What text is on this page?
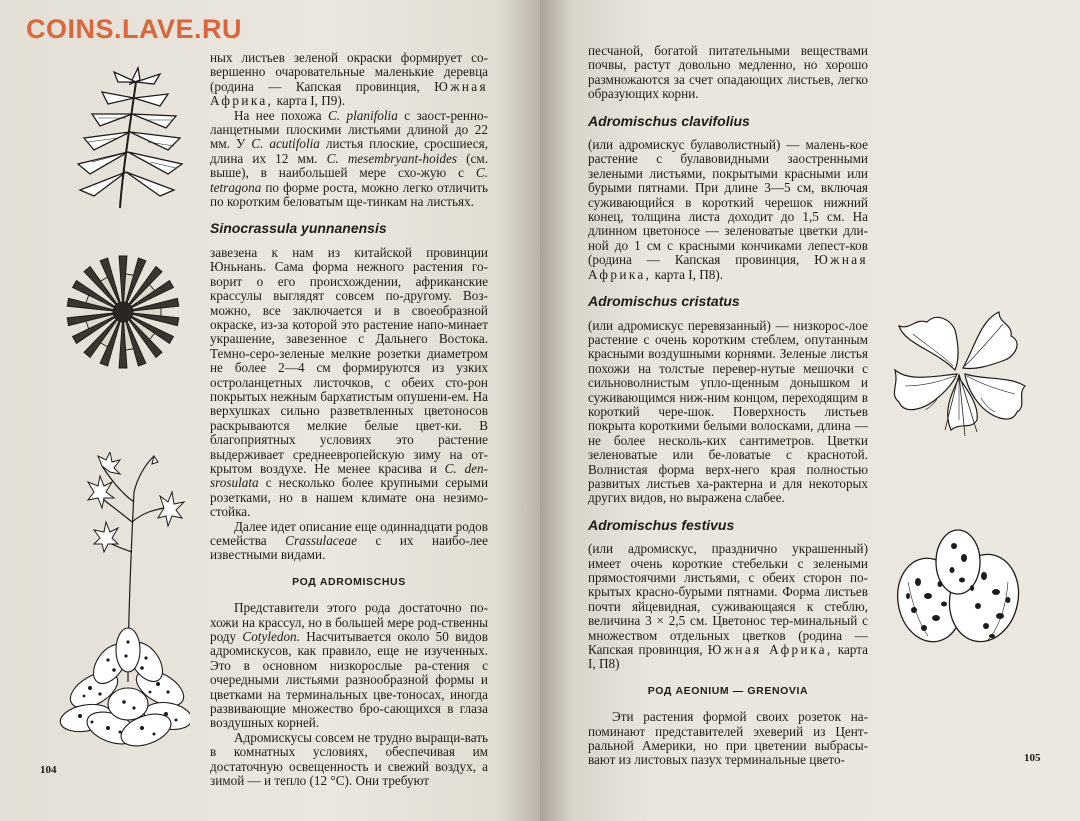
COINS.LAVE.RU

ных листьев зеленой окраски формирует со- вершенно очаровательные маленькие деревца (родина — Капская провинция, Южная Африка, карта I, П9).

На нее похожа C. planifolia с заост-ренно-ланцетными плоскими листьями длиной до 22 мм. У C. acutifolia листья плоские, сросшиеся, длина их 12 мм. C. mesembryant-hoides (см. выше), в наибольшей мере схо-жую с C. tetragona по форме роста, можно легко отличить по коротким беловатым ще-тинкам на листьях.

Sinocrassula yunnanensis

завезена к нам из китайской провинции Юньнань. Сама форма нежного растения го-ворит о его происхождении, африканские крассулы выглядят совсем по-другому. Воз-можно, все заключается и в своеобразной окраске, из-за которой это растение напо-минает украшение, завезенное с Дальнего Востока. Темно-серо-зеленые мелкие розетки диаметром не более 2—4 см формируются из узких остроланцетных листочков, с обеих сто-рон покрытых нежным бархатистым опушени-ем. На верхушках сильно разветвленных цветоносов раскрываются мелкие белые цвет-ки. В благоприятных условиях это растение выдерживает среднеевропейскую зиму на от-крытом воздухе. Не менее красива и C. den-srosulata с несколько более крупными серыми розетками, но в нашем климате она незимо-стойка.

Далее идет описание еще одиннадцати родов семейства Crassulaceae с их наибо-лее известными видами.

РОД ADROMISCHUS

Представители этого рода достаточно по-хожи на крассул, но в большей мере род-ственны роду Cotyledon. Насчитывается около 50 видов адромискусов, как правило, еще не изученных. Это в основном низкорослые ра-стения с очередными листьями разнообразной формы и цветками на терминальных цве-тоносах, иногда развивающие множество бро-сающихся в глаза воздушных корней.

Адромискусы совсем не трудно выращи-вать в комнатных условиях, обеспечивая им достаточную освещенность и свежий воздух, а зимой — и тепло (12 °С). Они требуют

104

песчаной, богатой питательными веществами почвы, растут довольно медленно, но хорошо размножаются за счет опадающих листьев, легко образующих корни.

Adromischus clavifolius

(или адромискус булаволистный) — малень-кое растение с булавовидными заостренными зелеными листьями, покрытыми красными или бурыми пятнами. При длине 3—5 см, включая суживающийся в короткий черешок нижний конец, толщина листа доходит до 1,5 см. На длинном цветоносе — зеленоватые цветки дли-ной до 1 см с красными кончиками лепест-ков (родина — Капская провинция, Южная Африка, карта I, П8).

Adromischus cristatus

(или адромискус перевязанный) — низкорос-лое растение с очень коротким стеблем, опутанным красными воздушными корнями. Зеленые листья похожи на толстые перевер-нутые мешочки с сильноволнистым упло-щенным донышком и суживающимся ниж-ним концом, переходящим в короткий чере-шок. Поверхность листьев покрыта короткими белыми волосками, длина — не более несколь-ких сантиметров. Цветки зеленоватые или бе-ловатые с краснотой. Волнистая форма верх-него края полностью развитых листьев ха-рактерна и для некоторых других видов, но выражена слабее.

Adromischus festivus

(или адромискус, празднично украшенный) имеет очень короткие стебельки с зелеными прямостоячими листьями, с обеих сторон по-крытых красно-бурыми пятнами. Форма листьев почти яйцевидная, суживающаяся к стеблю, величина 3 × 2,5 см. Цветонос тер-минальный с множеством отдельных цветков (родина — Капская провинция, Южная Африка, карта I, П8)

РОД AEONIUM — GRENOVIA

Эти растения формой своих розеток на-поминают представителей эхеверий из Цент-ральной Америки, но при цветении выбрасы-вают из листовых пазух терминальные цвето-	105
